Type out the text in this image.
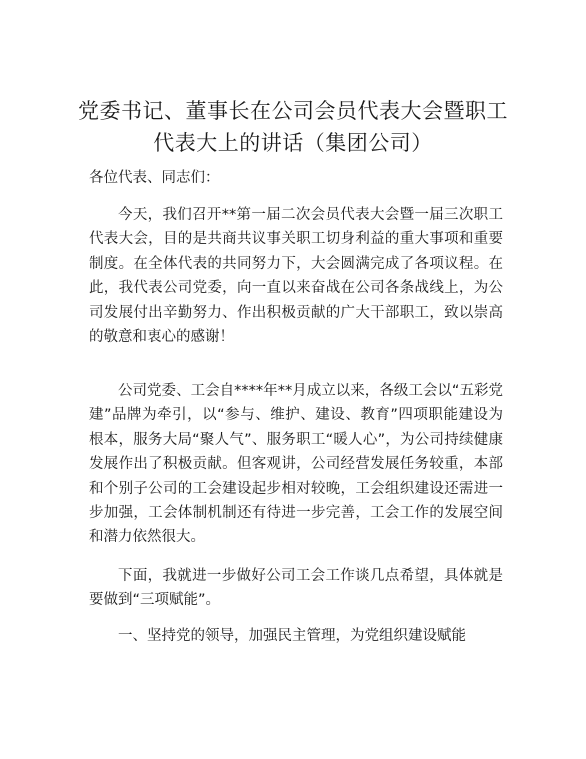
党委书记、董事长在公司会员代表大会暨职工代表大上的讲话（集团公司）

各位代表、同志们：

今天，我们召开**第一届二次会员代表大会暨一届三次职工代表大会，目的是共商共议事关职工切身利益的重大事项和重要制度。在全体代表的共同努力下，大会圆满完成了各项议程。在此，我代表公司党委，向一直以来奋战在公司各条战线上，为公司发展付出辛勤努力、作出积极贡献的广大干部职工，致以崇高的敬意和衷心的感谢！

公司党委、工会自****年**月成立以来，各级工会以“五彩党建”品牌为牵引，以“参与、维护、建设、教育”四项职能建设为根本，服务大局“聚人气”、服务职工“暖人心”，为公司持续健康发展作出了积极贡献。但客观讲，公司经营发展任务较重，本部和个别子公司的工会建设起步相对较晚，工会组织建设还需进一步加强，工会体制机制还有待进一步完善，工会工作的发展空间和潜力依然很大。

下面，我就进一步做好公司工会工作谈几点希望，具体就是要做到“三项赋能”。

一、坚持党的领导，加强民主管理，为党组织建设赋能
